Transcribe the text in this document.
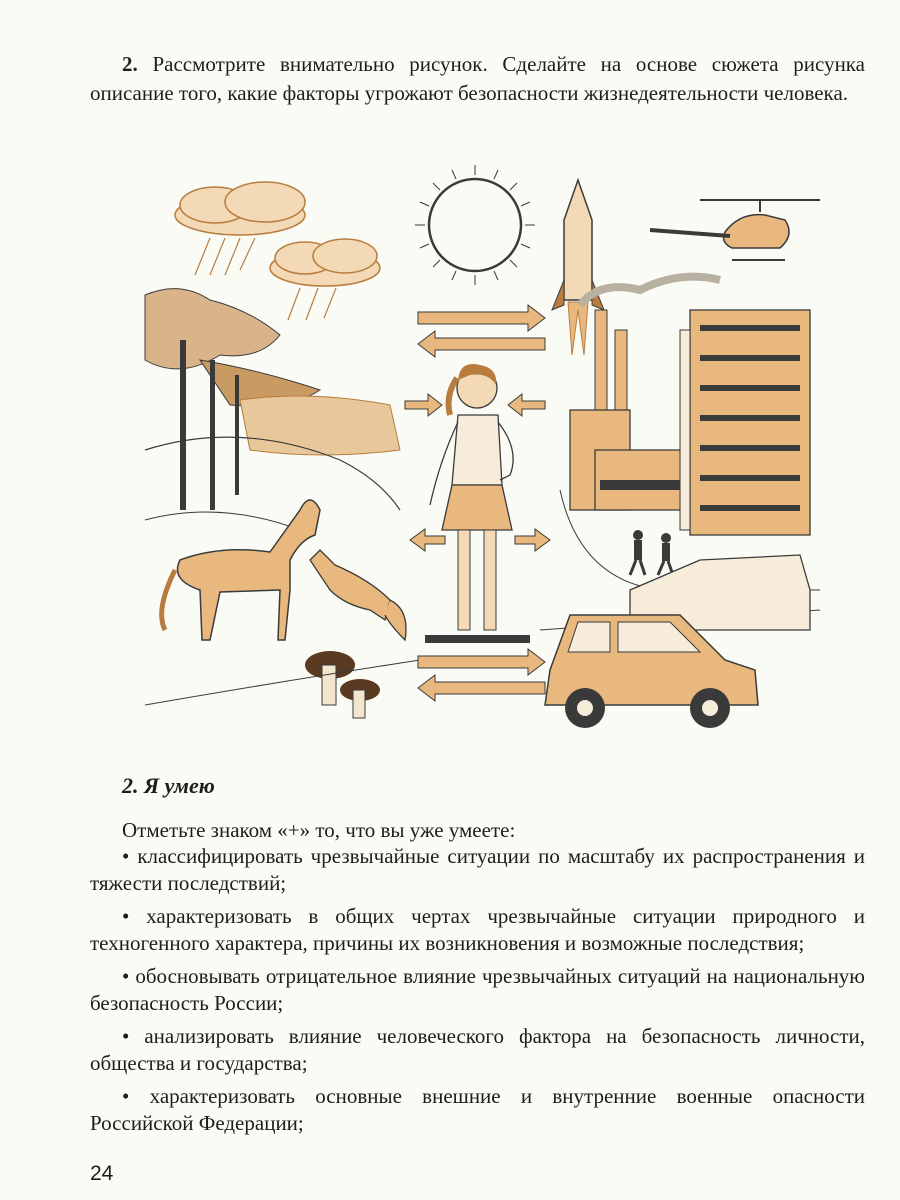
2. Рассмотрите внимательно рисунок. Сделайте на основе сюжета рисунка описание того, какие факторы угрожают безопасности жизнедеятельности человека.
2. Я умею
Отметьте знаком «+» то, что вы уже умеете:

• классифицировать чрезвычайные ситуации по масштабу их распространения и тяжести последствий;

• характеризовать в общих чертах чрезвычайные ситуации природного и техногенного характера, причины их возникновения и возможные последствия;

• обосновывать отрицательное влияние чрезвычайных ситуаций на национальную безопасность России;

• анализировать влияние человеческого фактора на безопасность личности, общества и государства;

• характеризовать основные внешние и внутренние военные опасности Российской Федерации;

24
